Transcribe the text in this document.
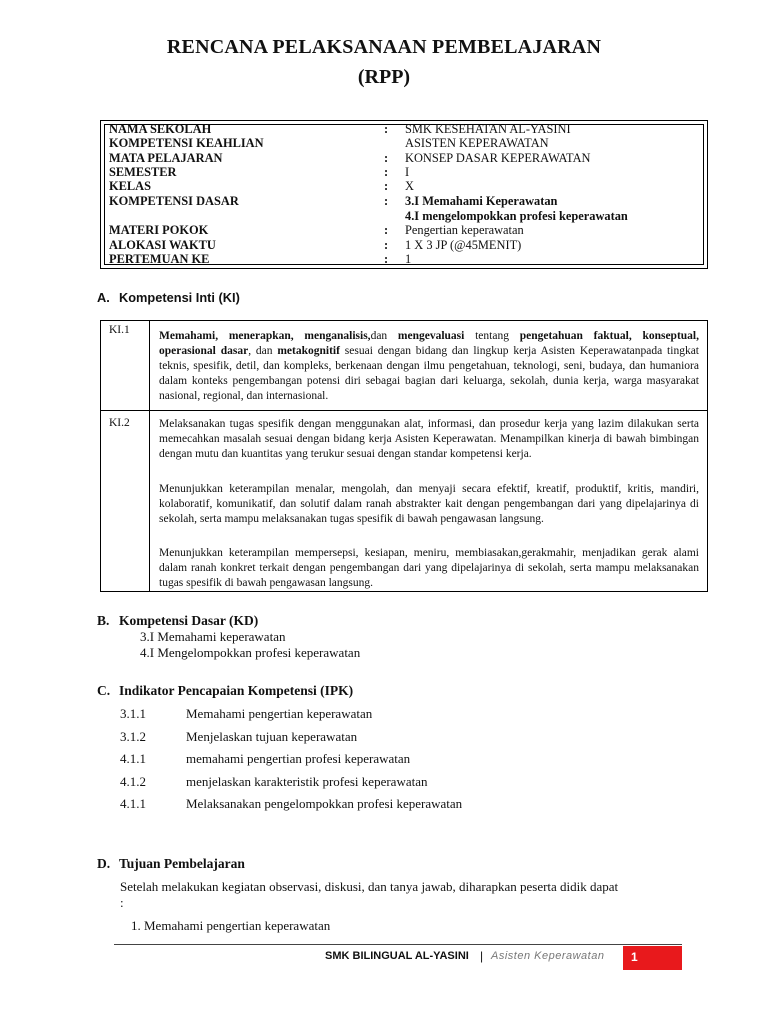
RENCANA PELAKSANAAN PEMBELAJARAN
(RPP)
NAMA SEKOLAH	: SMK KESEHATAN AL-YASINI
KOMPETENSI KEAHLIAN	ASISTEN KEPERAWATAN
MATA PELAJARAN	: KONSEP DASAR KEPERAWATAN
SEMESTER	: I
KELAS	: X
KOMPETENSI DASAR	: 3.I Memahami Keperawatan
4.I mengelompokkan profesi keperawatan
MATERI POKOK	: Pengertian keperawatan
ALOKASI WAKTU	: 1 X 3 JP (@45MENIT)
PERTEMUAN KE	: 1
A. Kompetensi Inti (KI)
KI.1	Memahami, menerapkan, menganalisis,dan mengevaluasi tentang pengetahuan faktual, konseptual, operasional dasar, dan metakognitif sesuai dengan bidang dan lingkup kerja Asisten Keperawatanpada tingkat teknis, spesifik, detil, dan kompleks, berkenaan dengan ilmu pengetahuan, teknologi, seni, budaya, dan humaniora dalam konteks pengembangan potensi diri sebagai bagian dari keluarga, sekolah, dunia kerja, warga masyarakat nasional, regional, dan internasional.
KI.2	Melaksanakan tugas spesifik dengan menggunakan alat, informasi, dan prosedur kerja yang lazim dilakukan serta memecahkan masalah sesuai dengan bidang kerja Asisten Keperawatan. Menampilkan kinerja di bawah bimbingan dengan mutu dan kuantitas yang terukur sesuai dengan standar kompetensi kerja.
Menunjukkan keterampilan menalar, mengolah, dan menyaji secara efektif, kreatif, produktif, kritis, mandiri, kolaboratif, komunikatif, dan solutif dalam ranah abstrakter kait dengan pengembangan dari yang dipelajarinya di sekolah, serta mampu melaksanakan tugas spesifik di bawah pengawasan langsung.
Menunjukkan keterampilan mempersepsi, kesiapan, meniru, membiasakan,gerakmahir, menjadikan gerak alami dalam ranah konkret terkait dengan pengembangan dari yang dipelajarinya di sekolah, serta mampu melaksanakan tugas spesifik di bawah pengawasan langsung.
B. Kompetensi Dasar (KD)
3.I Memahami keperawatan
4.I Mengelompokkan profesi keperawatan
C. Indikator Pencapaian Kompetensi (IPK)
3.1.1	Memahami pengertian keperawatan
3.1.2	Menjelaskan tujuan keperawatan
4.1.1	memahami pengertian profesi keperawatan
4.1.2	menjelaskan karakteristik profesi keperawatan
4.1.1	Melaksanakan pengelompokkan profesi keperawatan
D. Tujuan Pembelajaran
Setelah melakukan kegiatan observasi, diskusi, dan tanya jawab, diharapkan peserta didik dapat
:
1. Memahami pengertian keperawatan
SMK BILINGUAL AL-YASINI | Asisten Keperawatan 1
